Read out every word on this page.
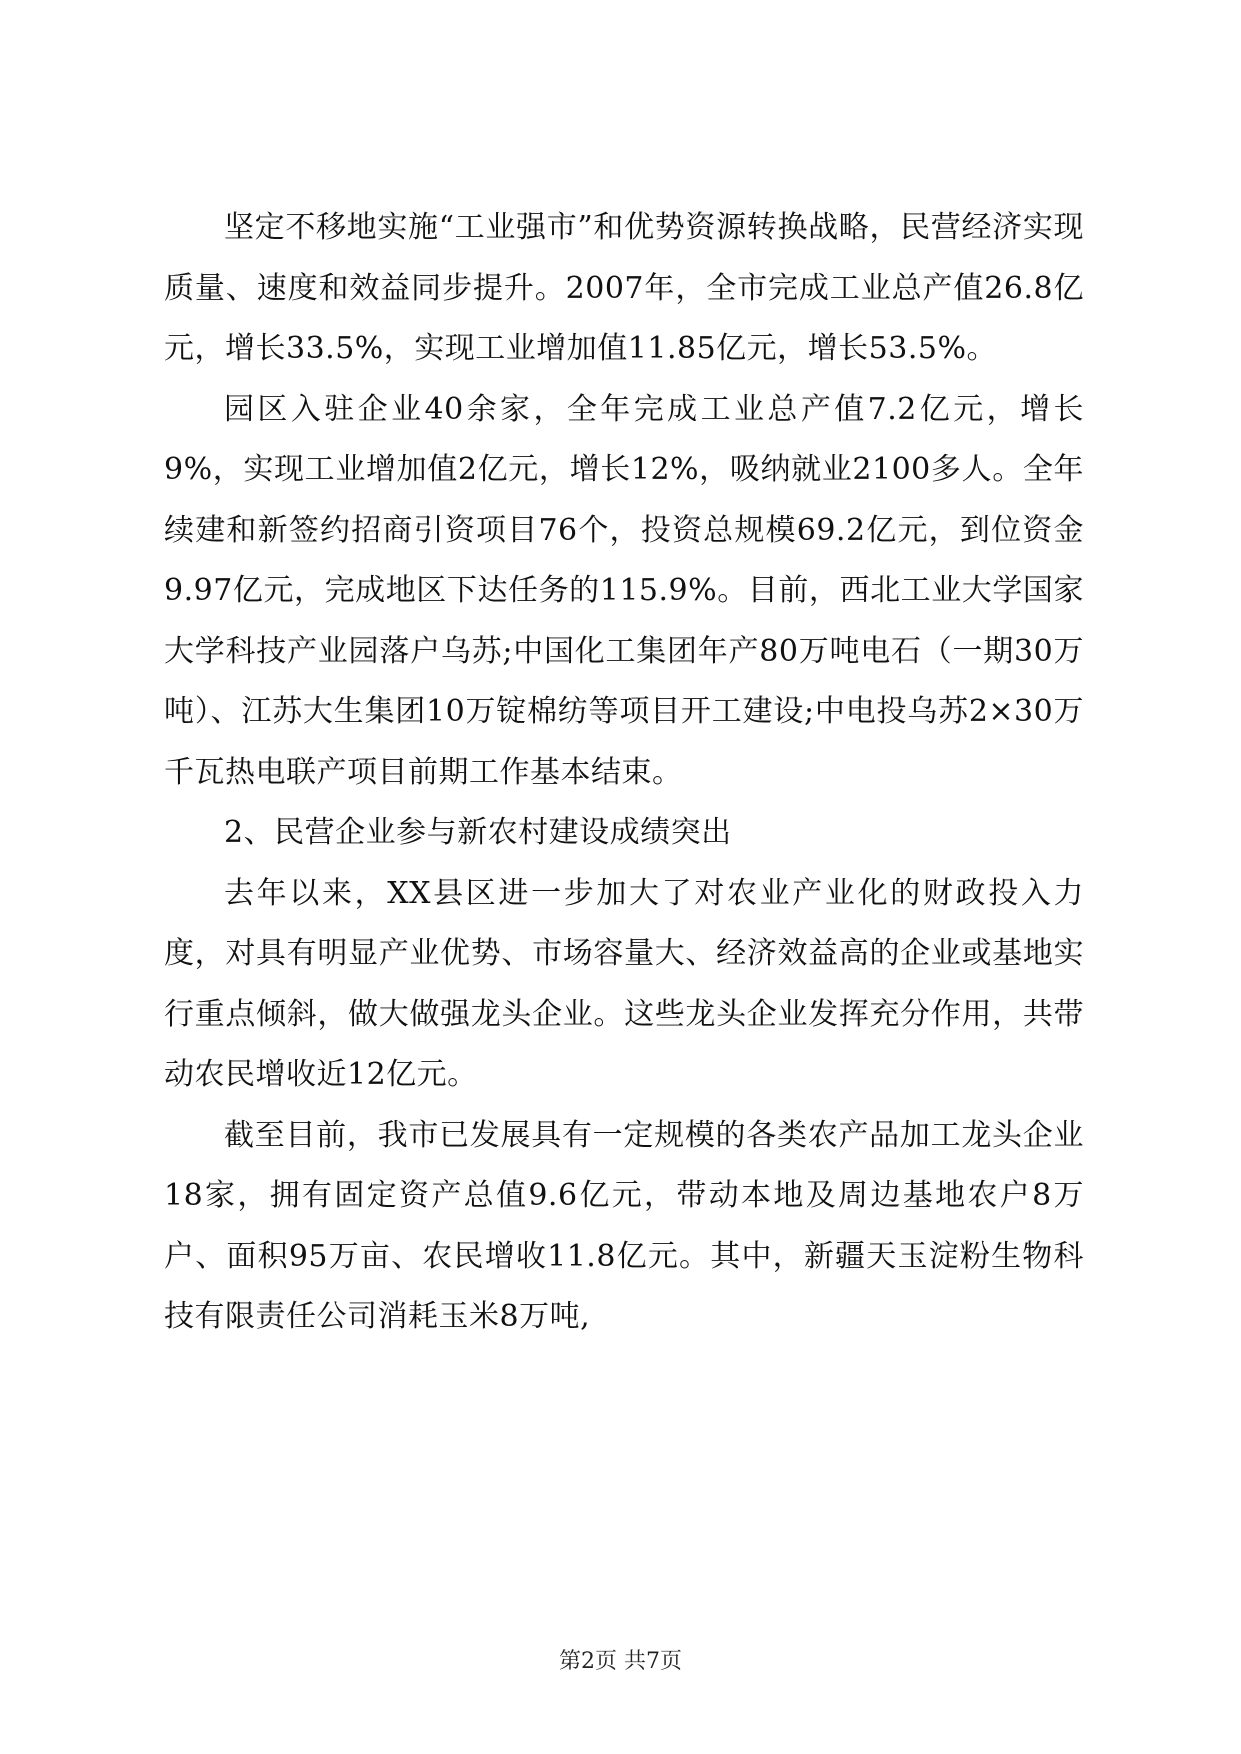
坚定不移地实施“工业强市”和优势资源转换战略，民营经济实现质量、速度和效益同步提升。2007年，全市完成工业总产值26.8亿元，增长33.5%，实现工业增加值11.85亿元，增长53.5%。

园区入驻企业40余家，全年完成工业总产值7.2亿元，增长9%，实现工业增加值2亿元，增长12%，吸纳就业2100多人。全年续建和新签约招商引资项目76个，投资总规模69.2亿元，到位资金9.97亿元，完成地区下达任务的115.9%。目前，西北工业大学国家大学科技产业园落户乌苏;中国化工集团年产80万吨电石（一期30万吨）、江苏大生集团10万锭棉纺等项目开工建设;中电投乌苏2×30万千瓦热电联产项目前期工作基本结束。

2、民营企业参与新农村建设成绩突出

去年以来，XX县区进一步加大了对农业产业化的财政投入力度，对具有明显产业优势、市场容量大、经济效益高的企业或基地实行重点倾斜，做大做强龙头企业。这些龙头企业发挥充分作用，共带动农民增收近12亿元。

截至目前，我市已发展具有一定规模的各类农产品加工龙头企业18家，拥有固定资产总值9.6亿元，带动本地及周边基地农户8万户、面积95万亩、农民增收11.8亿元。其中，新疆天玉淀粉生物科技有限责任公司消耗玉米8万吨,

第2页 共7页
